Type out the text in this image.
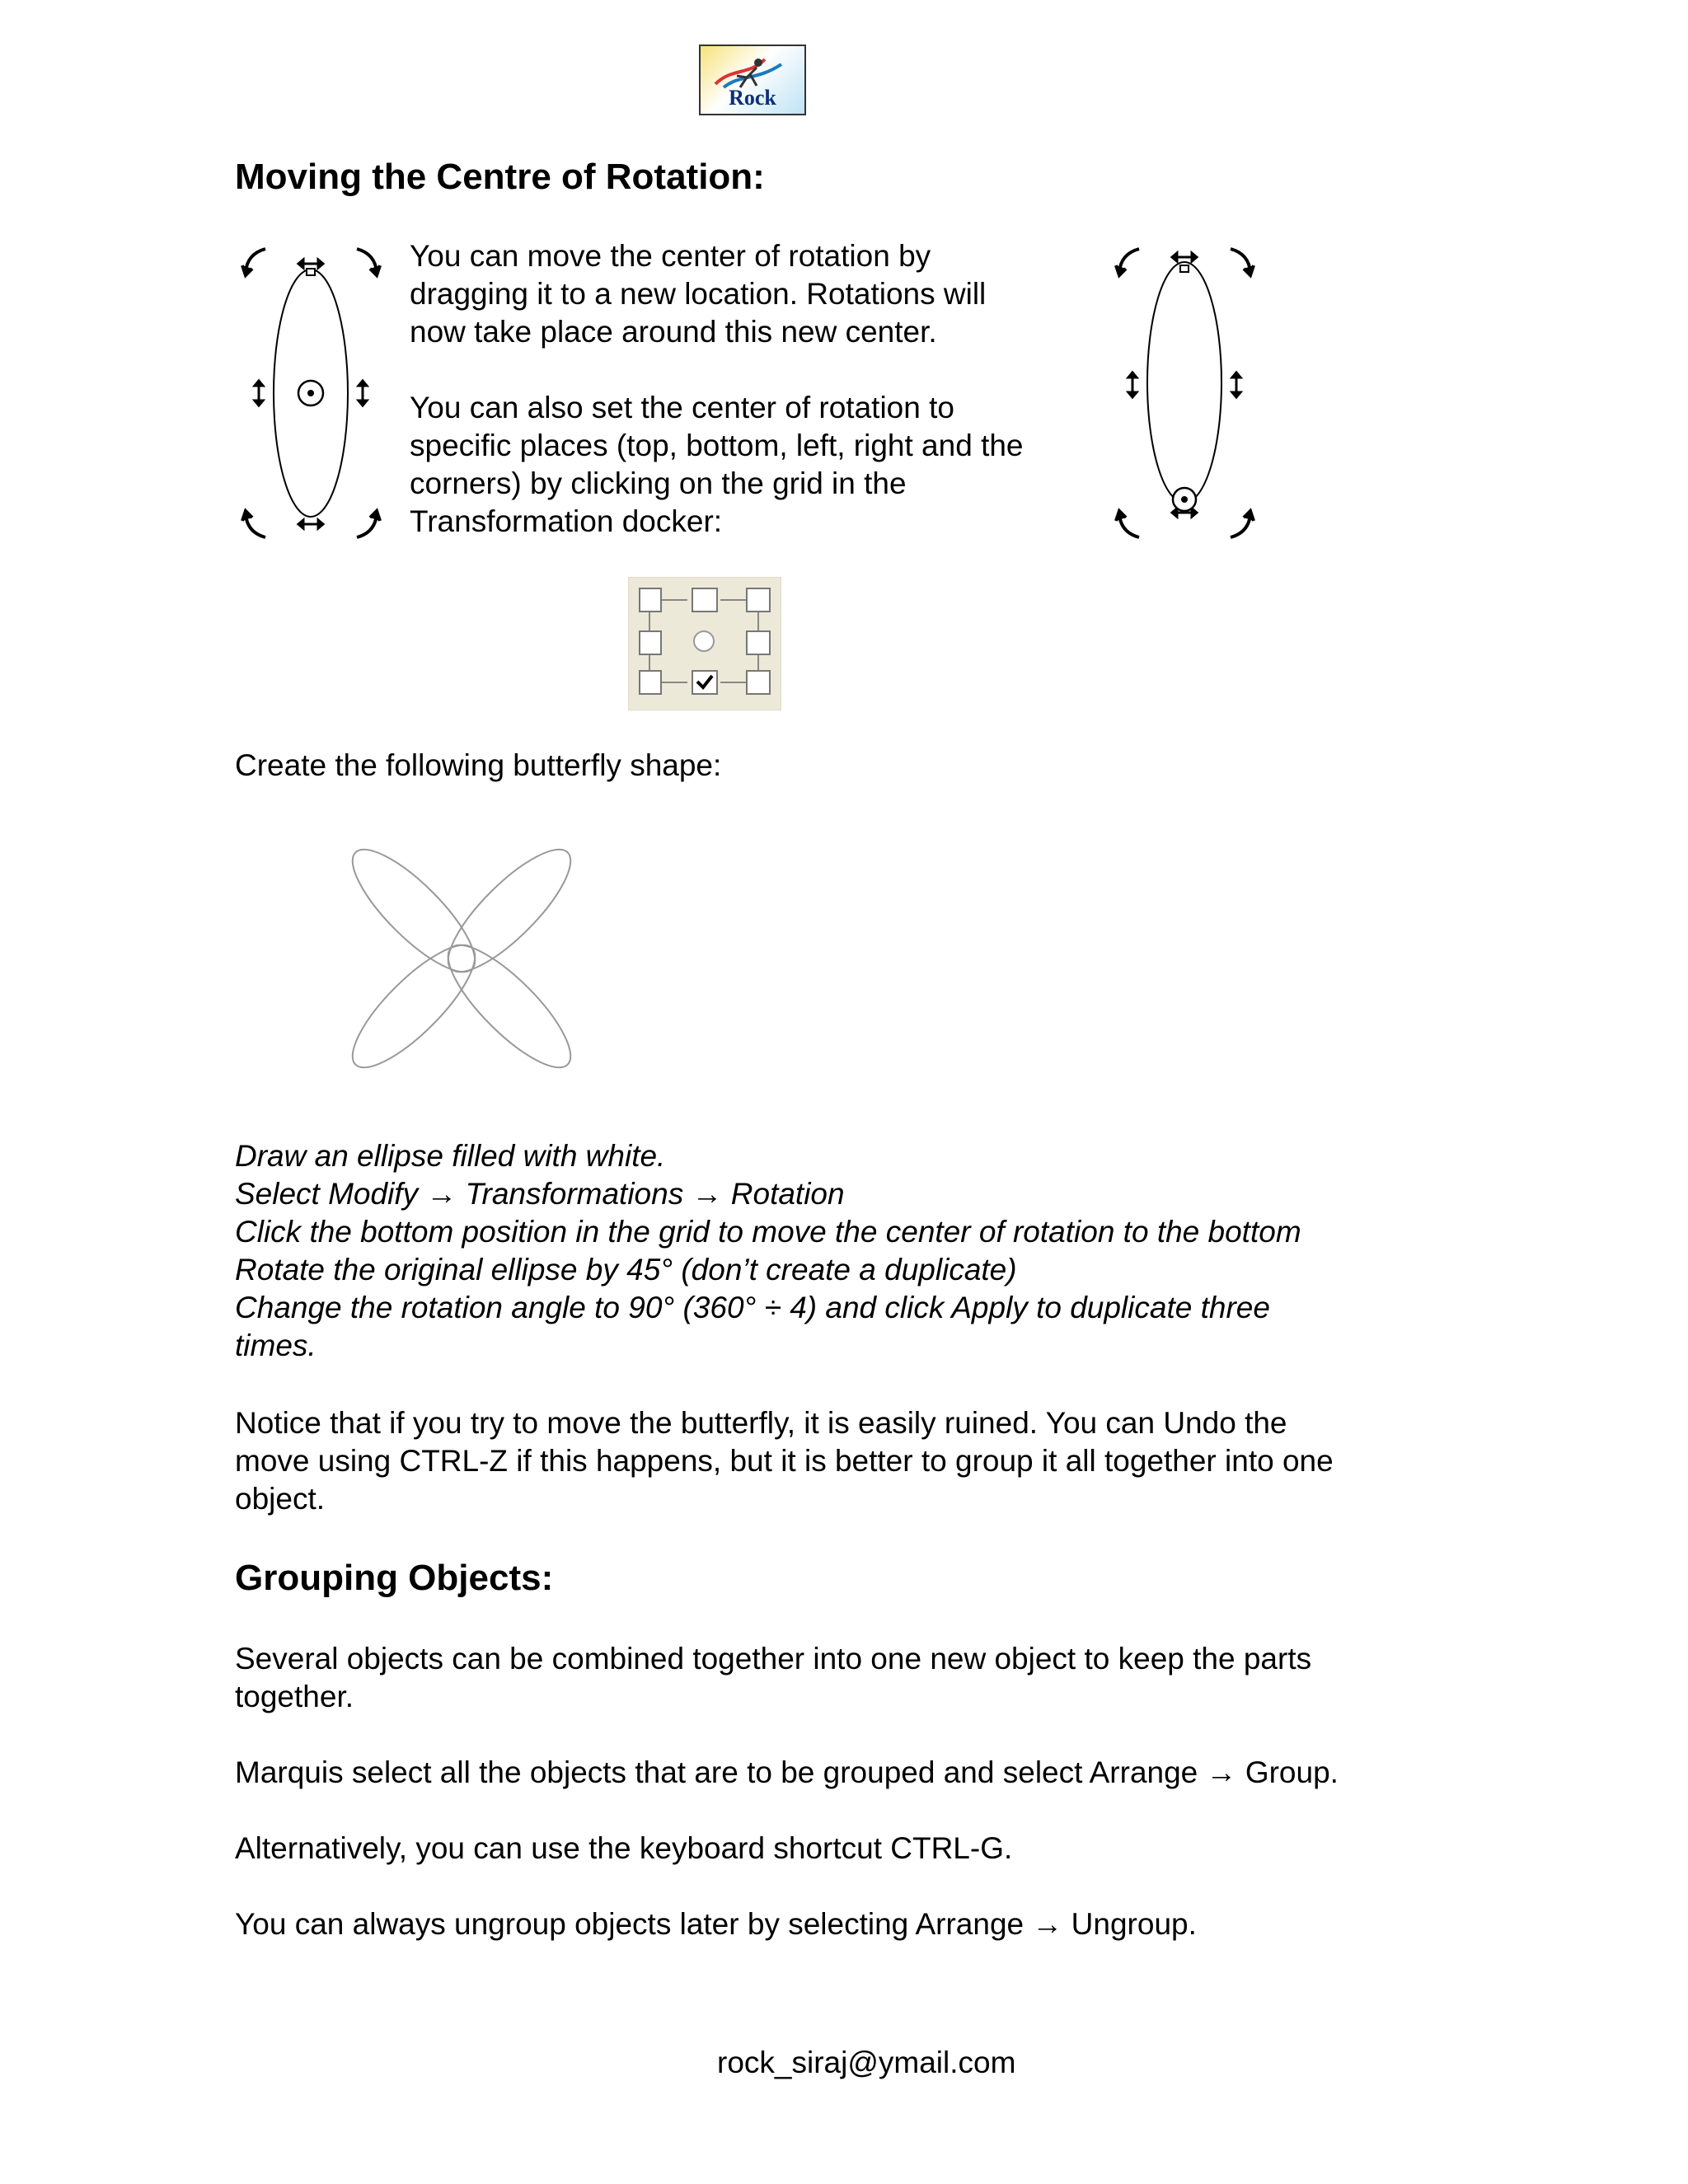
Rock
Moving the Centre of Rotation:
You can move the center of rotation by
dragging it to a new location. Rotations will
now take place around this new center.
You can also set the center of rotation to
specific places (top, bottom, left, right and the
corners) by clicking on the grid in the
Transformation docker:
Create the following butterfly shape:
Draw an ellipse filled with white.
Select Modify → Transformations → Rotation
Click the bottom position in the grid to move the center of rotation to the bottom
Rotate the original ellipse by 45° (don’t create a duplicate)
Change the rotation angle to 90° (360° ÷ 4) and click Apply to duplicate three
times.
Notice that if you try to move the butterfly, it is easily ruined. You can Undo the
move using CTRL-Z if this happens, but it is better to group it all together into one
object.
Grouping Objects:
Several objects can be combined together into one new object to keep the parts
together.
Marquis select all the objects that are to be grouped and select Arrange → Group.
Alternatively, you can use the keyboard shortcut CTRL-G.
You can always ungroup objects later by selecting Arrange → Ungroup.
rock_siraj@ymail.com
